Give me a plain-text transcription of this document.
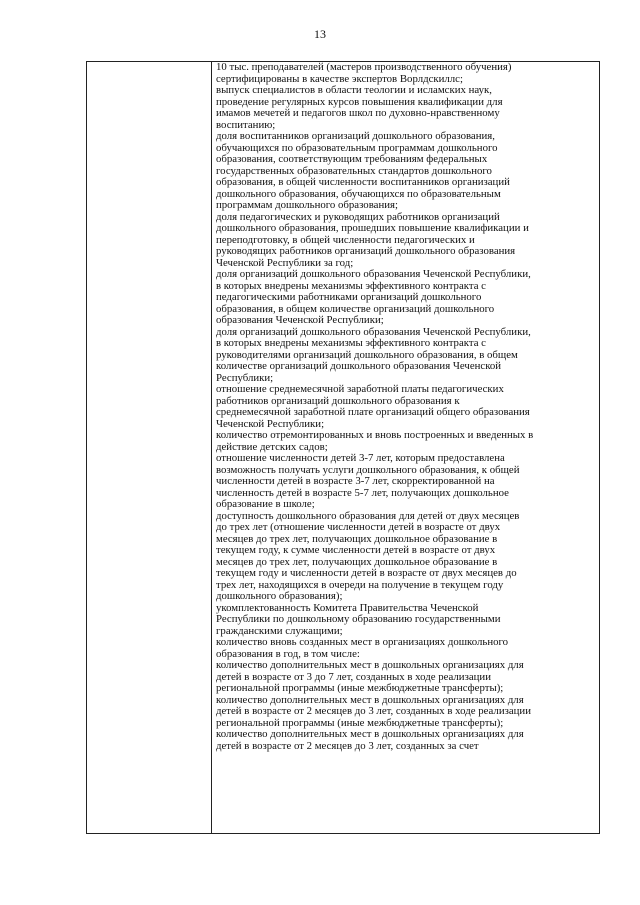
13
10 тыс. преподавателей (мастеров производственного обучения)
сертифицированы в качестве экспертов Ворлдскиллс;
выпуск специалистов в области теологии и исламских наук,
проведение регулярных курсов повышения квалификации для
имамов мечетей и педагогов школ по духовно-нравственному
воспитанию;
доля воспитанников организаций дошкольного образования,
обучающихся по образовательным программам дошкольного
образования, соответствующим требованиям федеральных
государственных образовательных стандартов дошкольного
образования, в общей численности воспитанников организаций
дошкольного образования, обучающихся по образовательным
программам дошкольного образования;
доля педагогических и руководящих работников организаций
дошкольного образования, прошедших повышение квалификации и
переподготовку, в общей численности педагогических и
руководящих работников организаций дошкольного образования
Чеченской Республики за год;
доля организаций дошкольного образования Чеченской Республики,
в которых внедрены механизмы эффективного контракта с
педагогическими работниками организаций дошкольного
образования, в общем количестве организаций дошкольного
образования Чеченской Республики;
доля организаций дошкольного образования Чеченской Республики,
в которых внедрены механизмы эффективного контракта с
руководителями организаций дошкольного образования, в общем
количестве организаций дошкольного образования Чеченской
Республики;
отношение среднемесячной заработной платы педагогических
работников организаций дошкольного образования к
среднемесячной заработной плате организаций общего образования
Чеченской Республики;
количество отремонтированных и вновь построенных и введенных в
действие детских садов;
отношение численности детей 3-7 лет, которым предоставлена
возможность получать услуги дошкольного образования, к общей
численности детей в возрасте 3-7 лет, скорректированной на
численность детей в возрасте 5-7 лет, получающих дошкольное
образование в школе;
доступность дошкольного образования для детей от двух месяцев
до трех лет (отношение численности детей в возрасте от двух
месяцев до трех лет, получающих дошкольное образование в
текущем году, к сумме численности детей в возрасте от двух
месяцев до трех лет, получающих дошкольное образование в
текущем году и численности детей в возрасте от двух месяцев до
трех лет, находящихся в очереди на получение в текущем году
дошкольного образования);
укомплектованность Комитета Правительства Чеченской
Республики по дошкольному образованию государственными
гражданскими служащими;
количество вновь созданных мест в организациях дошкольного
образования в год, в том числе:
количество дополнительных мест в дошкольных организациях для
детей в возрасте от 3 до 7 лет, созданных в ходе реализации
региональной программы (иные межбюджетные трансферты);
количество дополнительных мест в дошкольных организациях для
детей в возрасте от 2 месяцев до 3 лет, созданных в ходе реализации
региональной программы (иные межбюджетные трансферты);
количество дополнительных мест в дошкольных организациях для
детей в возрасте от 2 месяцев до 3 лет, созданных за счет
